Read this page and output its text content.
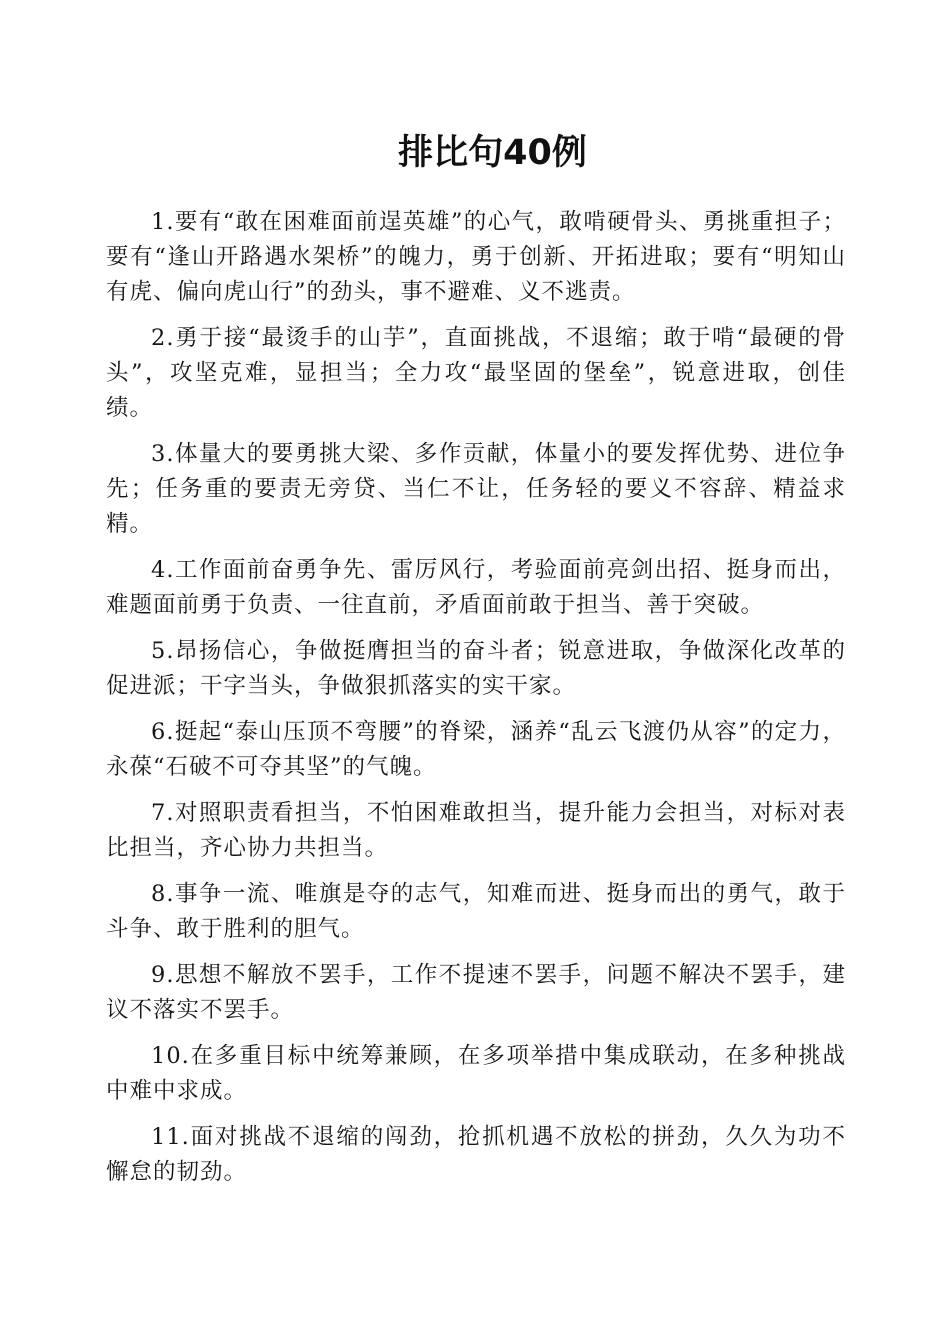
排比句40例

1.要有“敢在困难面前逞英雄”的心气，敢啃硬骨头、勇挑重担子；要有“逢山开路遇水架桥”的魄力，勇于创新、开拓进取；要有“明知山有虎、偏向虎山行”的劲头，事不避难、义不逃责。

2.勇于接“最烫手的山芋”，直面挑战，不退缩；敢于啃“最硬的骨头”，攻坚克难，显担当；全力攻“最坚固的堡垒”，锐意进取，创佳绩。

3.体量大的要勇挑大梁、多作贡献，体量小的要发挥优势、进位争先；任务重的要责无旁贷、当仁不让，任务轻的要义不容辞、精益求精。

4.工作面前奋勇争先、雷厉风行，考验面前亮剑出招、挺身而出，难题面前勇于负责、一往直前，矛盾面前敢于担当、善于突破。

5.昂扬信心，争做挺膺担当的奋斗者；锐意进取，争做深化改革的促进派；干字当头，争做狠抓落实的实干家。

6.挺起“泰山压顶不弯腰”的脊梁，涵养“乱云飞渡仍从容”的定力，永葆“石破不可夺其坚”的气魄。

7.对照职责看担当，不怕困难敢担当，提升能力会担当，对标对表比担当，齐心协力共担当。

8.事争一流、唯旗是夺的志气，知难而进、挺身而出的勇气，敢于斗争、敢于胜利的胆气。

9.思想不解放不罢手，工作不提速不罢手，问题不解决不罢手，建议不落实不罢手。

10.在多重目标中统筹兼顾，在多项举措中集成联动，在多种挑战中难中求成。

11.面对挑战不退缩的闯劲，抢抓机遇不放松的拼劲，久久为功不懈怠的韧劲。
